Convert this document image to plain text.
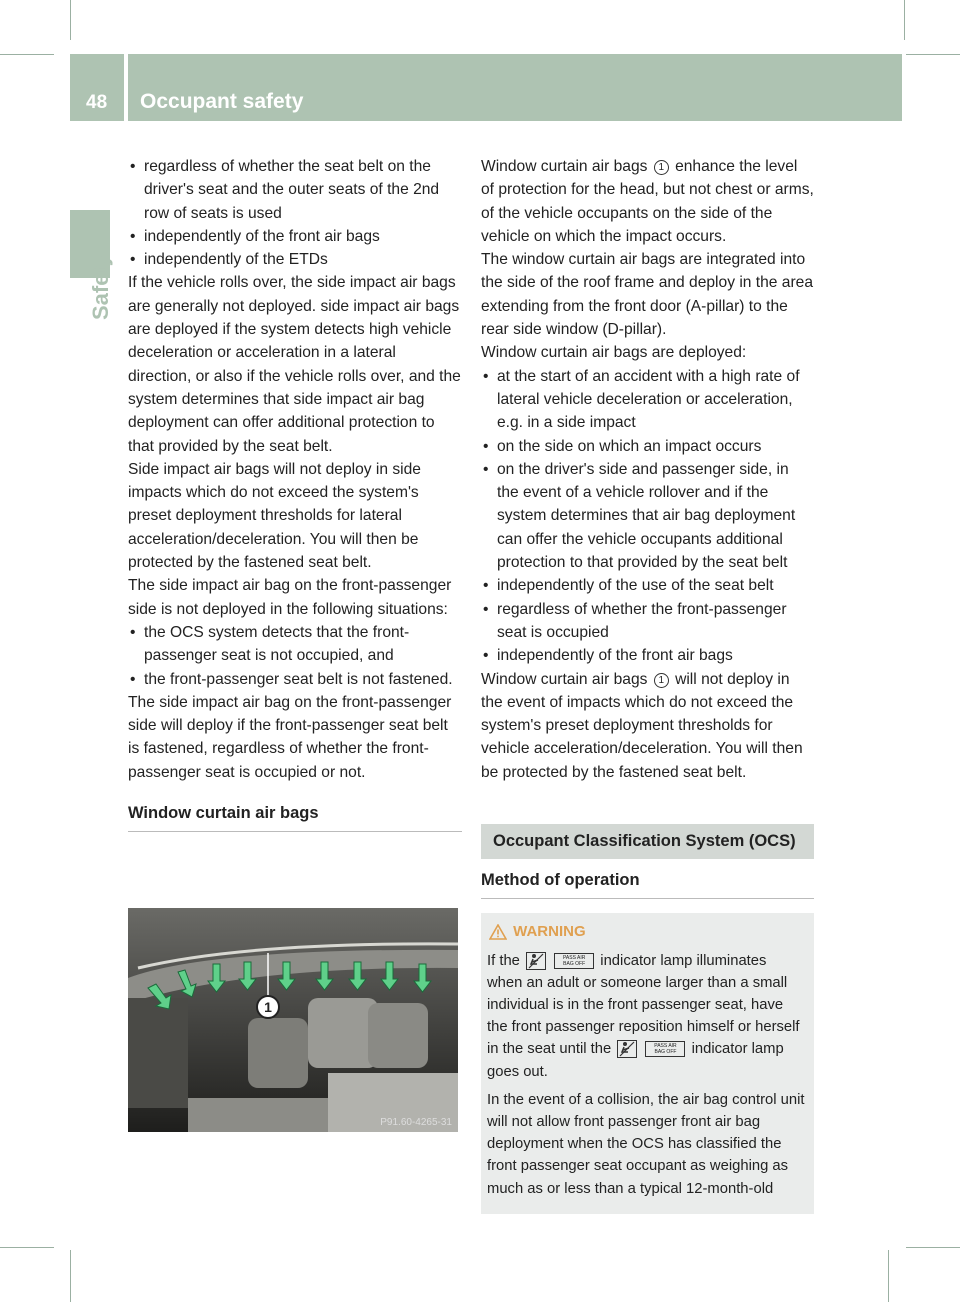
48 Occupant safety
Safety

• regardless of whether the seat belt on the driver's seat and the outer seats of the 2nd row of seats is used

• independently of the front air bags

• independently of the ETDs

If the vehicle rolls over, the side impact air bags are generally not deployed. side impact air bags are deployed if the system detects high vehicle deceleration or acceleration in a lateral direction, or also if the vehicle rolls over, and the system determines that side impact air bag deployment can offer additional protection to that provided by the seat belt.

Side impact air bags will not deploy in side impacts which do not exceed the system's preset deployment thresholds for lateral acceleration/deceleration. You will then be protected by the fastened seat belt.

The side impact air bag on the front-passenger side is not deployed in the following situations:

• the OCS system detects that the front-passenger seat is not occupied, and

• the front-passenger seat belt is not fastened.

The side impact air bag on the front-passenger side will deploy if the front-passenger seat belt is fastened, regardless of whether the front-passenger seat is occupied or not.

Window curtain air bags
1
P91.60-4265-31

Window curtain air bags 1 enhance the level of protection for the head, but not chest or arms, of the vehicle occupants on the side of the vehicle on which the impact occurs.

The window curtain air bags are integrated into the side of the roof frame and deploy in the area extending from the front door (A-pillar) to the rear side window (D-pillar).

Window curtain air bags are deployed:

• at the start of an accident with a high rate of lateral vehicle deceleration or acceleration, e.g. in a side impact

• on the side on which an impact occurs

• on the driver's side and passenger side, in the event of a vehicle rollover and if the system determines that air bag deployment can offer the vehicle occupants additional protection to that provided by the seat belt

• independently of the use of the seat belt

• regardless of whether the front-passenger seat is occupied

• independently of the front air bags

Window curtain air bags 1 will not deploy in the event of impacts which do not exceed the system's preset deployment thresholds for vehicle acceleration/deceleration. You will then be protected by the fastened seat belt.

Occupant Classification System (OCS)
Method of operation

WARNING

If the	PASS AIR BAG OFF indicator lamp illuminates when an adult or someone larger than a small individual is in the front passenger seat, have the front passenger reposition himself or herself in the seat until the	PASS AIR BAG OFF indicator lamp goes out.

In the event of a collision, the air bag control unit will not allow front passenger front air bag deployment when the OCS has classified the front passenger seat occupant as weighing as much as or less than a typical 12-month-old

carmanualsonline.info
